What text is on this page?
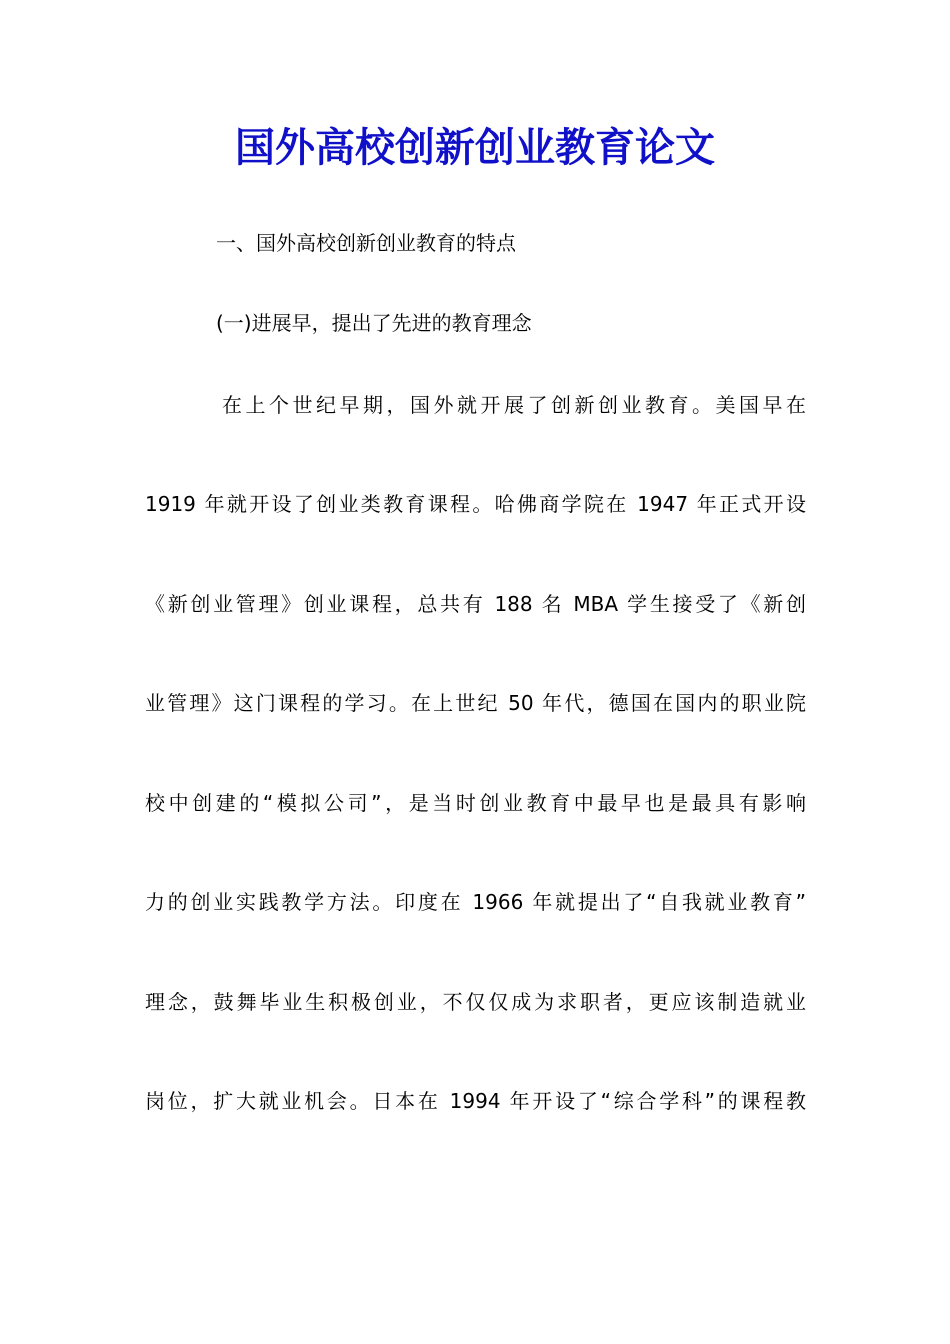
国外高校创新创业教育论文

一、国外高校创新创业教育的特点

(一)进展早，提出了先进的教育理念

在上个世纪早期，国外就开展了创新创业教育。美国早在

1919 年就开设了创业类教育课程。哈佛商学院在 1947 年正式开设

《新创业管理》创业课程，总共有 188 名 MBA 学生接受了《新创

业管理》这门课程的学习。在上世纪 50 年代，德国在国内的职业院

校中创建的“模拟公司”，是当时创业教育中最早也是最具有影响

力的创业实践教学方法。印度在 1966 年就提出了“自我就业教育”

理念，鼓舞毕业生积极创业，不仅仅成为求职者，更应该制造就业

岗位，扩大就业机会。日本在 1994 年开设了“综合学科”的课程教
